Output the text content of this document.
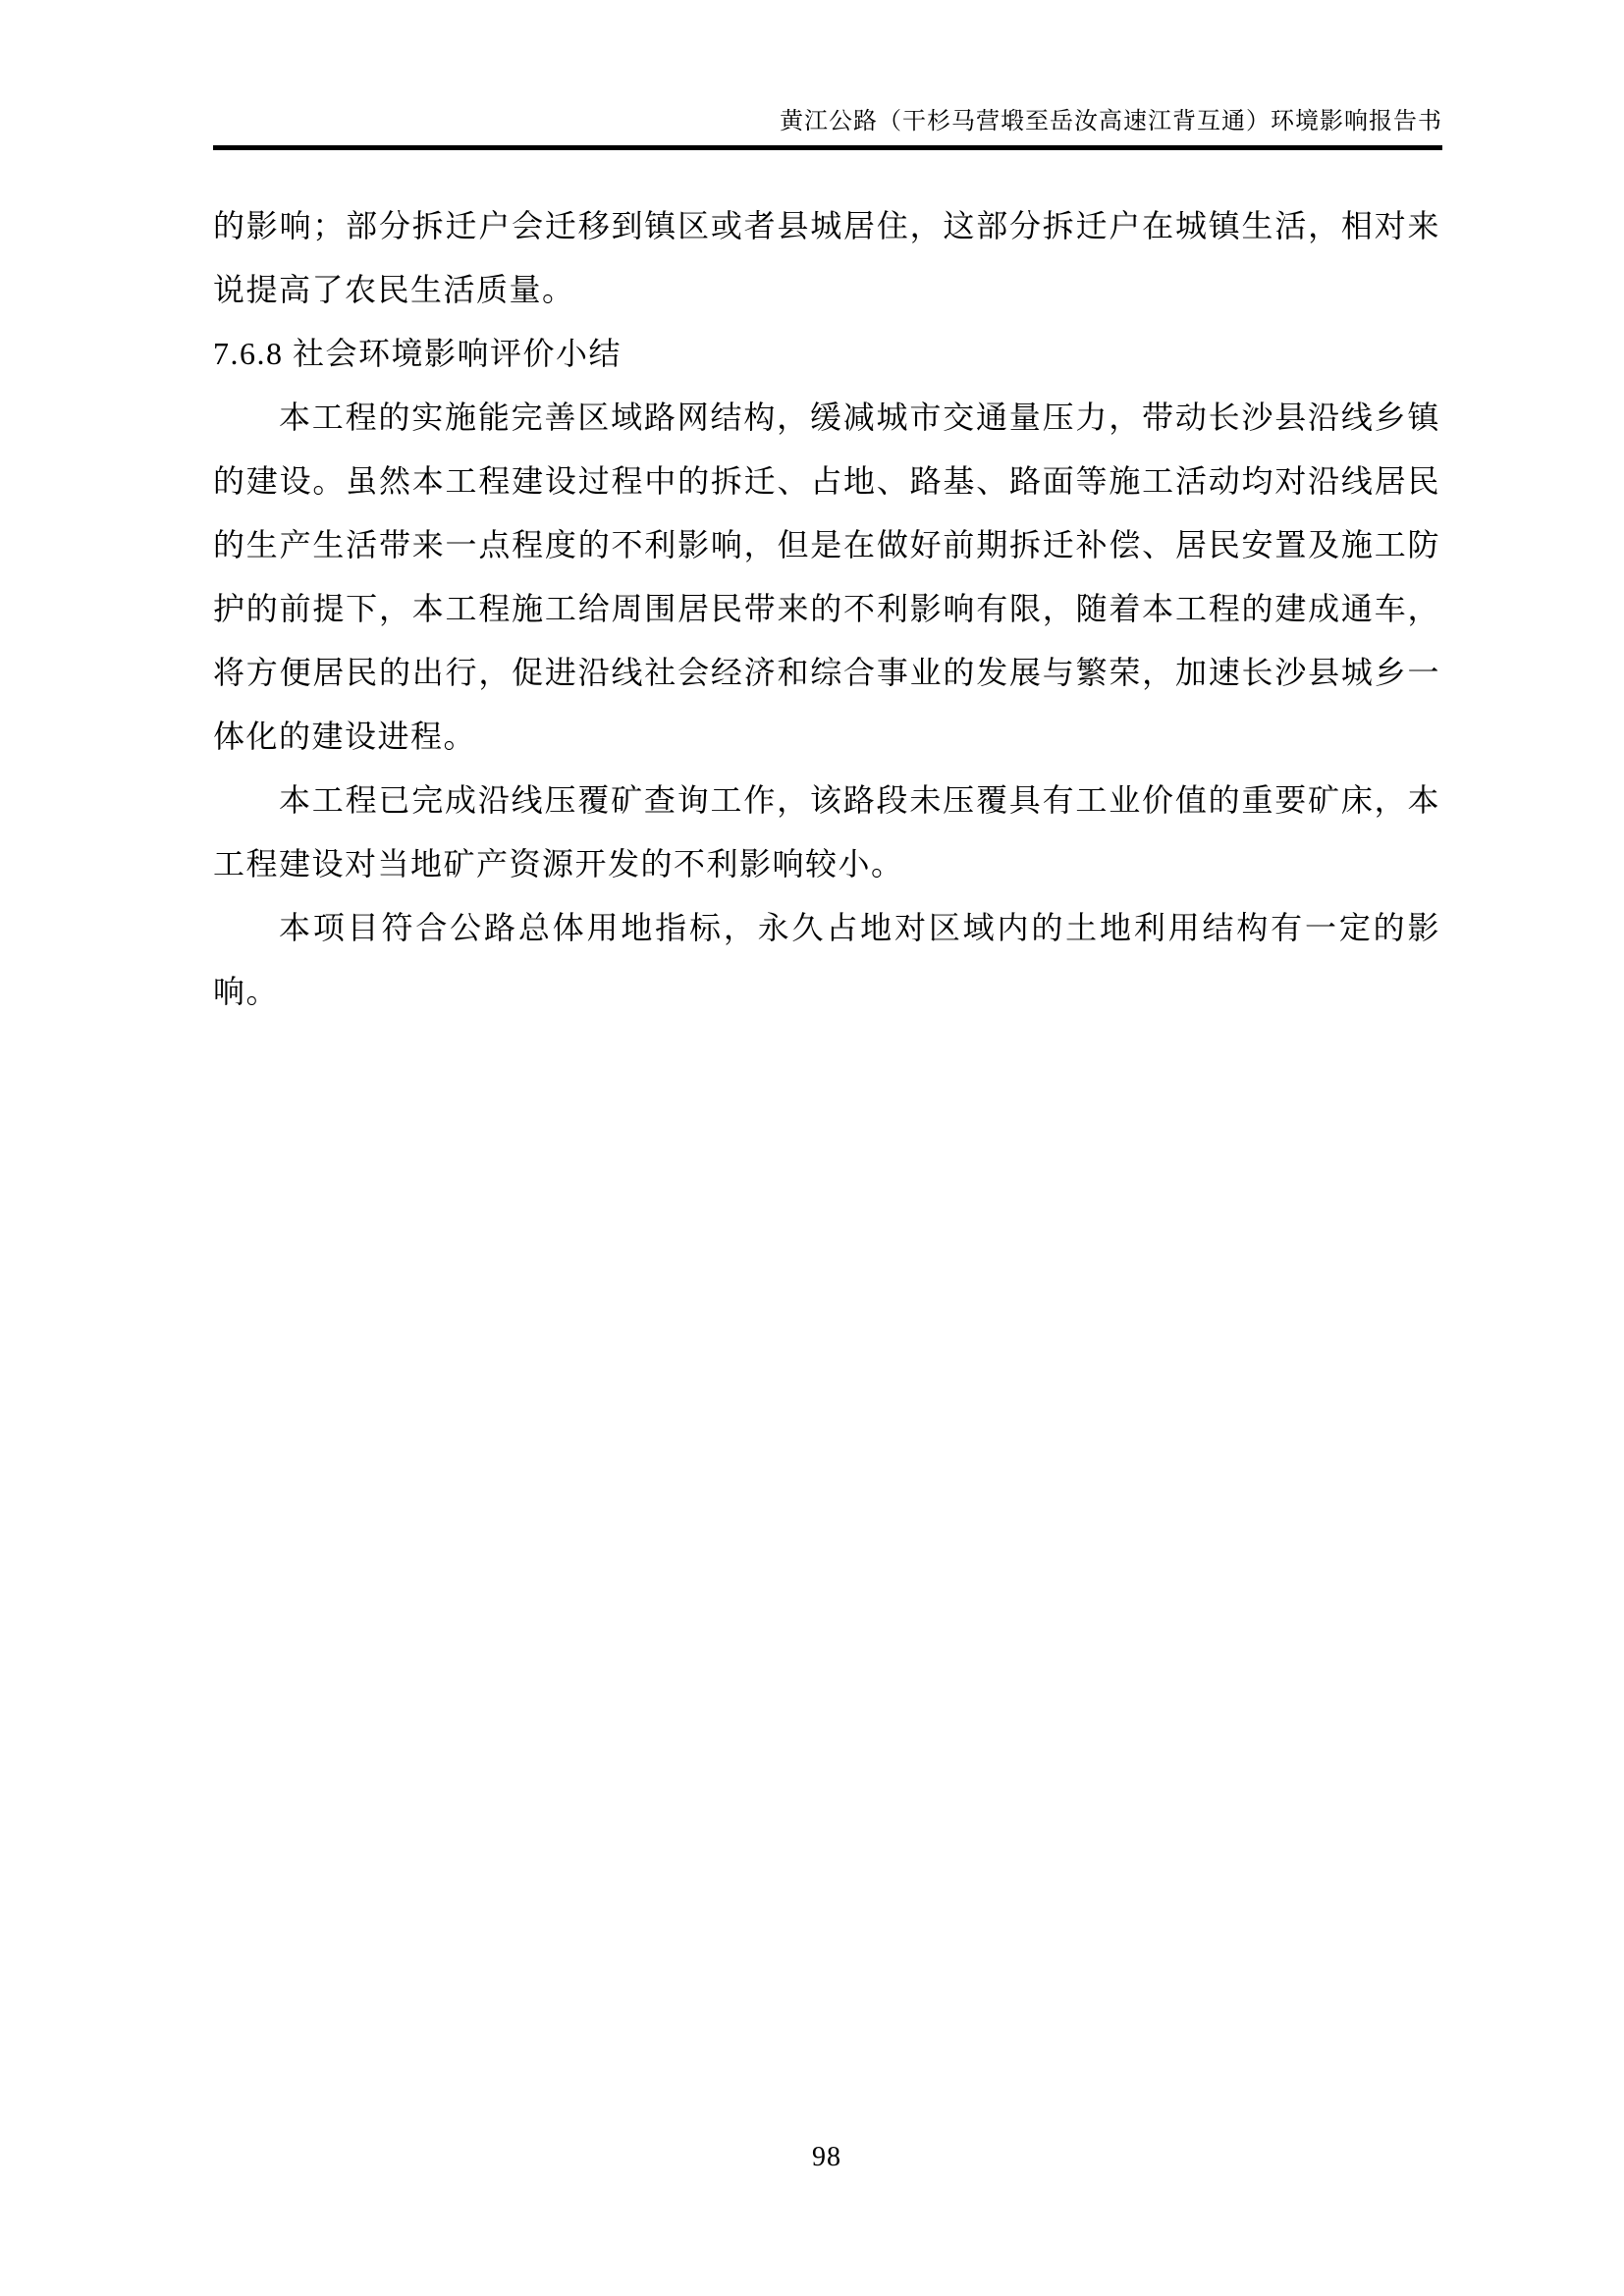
黄江公路（干杉马营塅至岳汝高速江背互通）环境影响报告书
的影响；部分拆迁户会迁移到镇区或者县城居住，这部分拆迁户在城镇生活，相对来
说提高了农民生活质量。
7.6.8 社会环境影响评价小结
本工程的实施能完善区域路网结构，缓减城市交通量压力，带动长沙县沿线乡镇
的建设。虽然本工程建设过程中的拆迁、占地、路基、路面等施工活动均对沿线居民
的生产生活带来一点程度的不利影响，但是在做好前期拆迁补偿、居民安置及施工防
护的前提下，本工程施工给周围居民带来的不利影响有限，随着本工程的建成通车，
将方便居民的出行，促进沿线社会经济和综合事业的发展与繁荣，加速长沙县城乡一
体化的建设进程。
本工程已完成沿线压覆矿查询工作，该路段未压覆具有工业价值的重要矿床，本
工程建设对当地矿产资源开发的不利影响较小。
本项目符合公路总体用地指标，永久占地对区域内的土地利用结构有一定的影
响。
98
